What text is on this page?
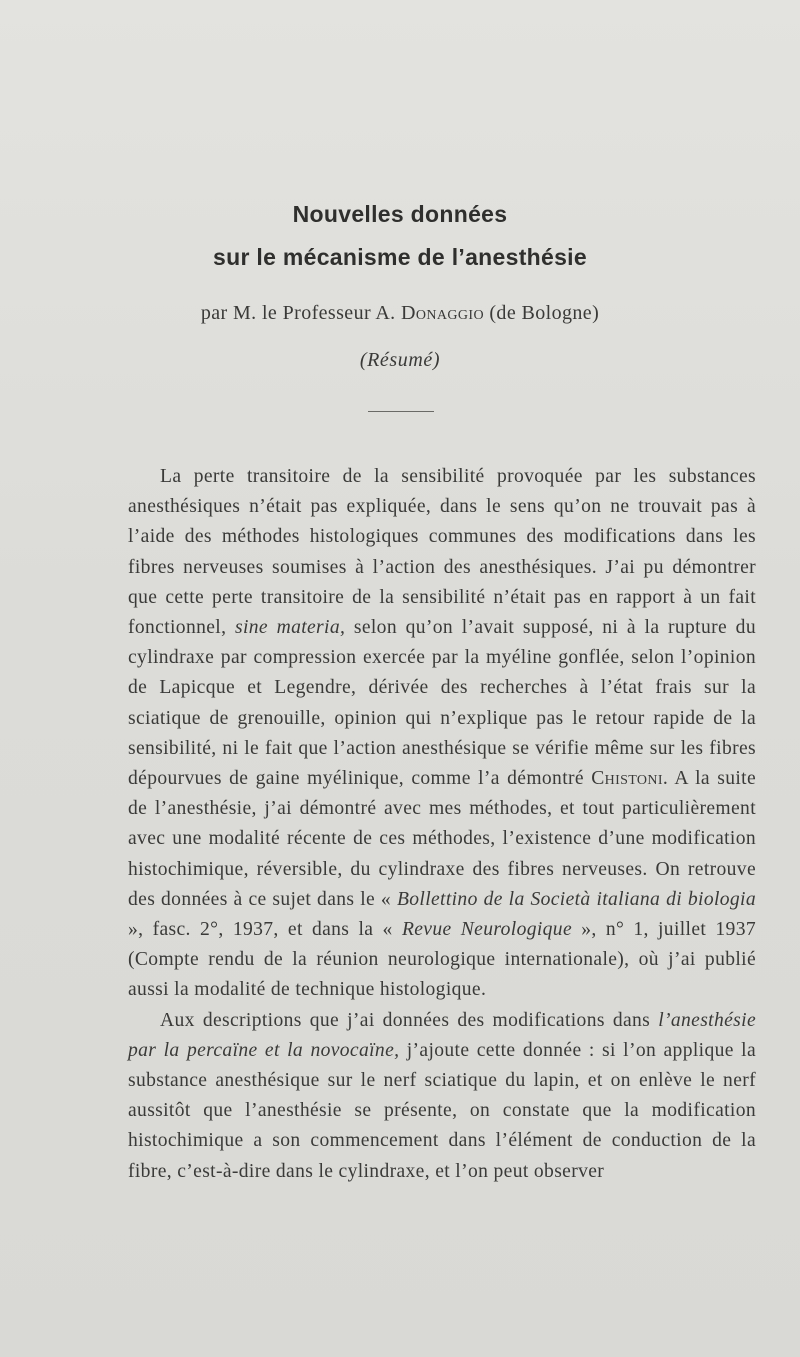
Nouvelles données
sur le mécanisme de l’anesthésie
par M. le Professeur A. Donaggio (de Bologne)
(Résumé)

La perte transitoire de la sensibilité provoquée par les substances anesthésiques n’était pas expliquée, dans le sens qu’on ne trouvait pas à l’aide des méthodes histologiques communes des modifications dans les fibres nerveuses soumises à l’action des anesthésiques. J’ai pu démontrer que cette perte transitoire de la sensibilité n’était pas en rapport à un fait fonctionnel, sine materia, selon qu’on l’avait supposé, ni à la rupture du cylindraxe par compression exercée par la myéline gonflée, selon l’opinion de Lapicque et Legendre, dérivée des recherches à l’état frais sur la sciatique de grenouille, opinion qui n’explique pas le retour rapide de la sensibilité, ni le fait que l’action anesthésique se vérifie même sur les fibres dépourvues de gaine myélinique, comme l’a démontré Chistoni. A la suite de l’anesthésie, j’ai démontré avec mes méthodes, et tout particulièrement avec une modalité récente de ces méthodes, l’existence d’une modification histochimique, réversible, du cylindraxe des fibres nerveuses. On retrouve des données à ce sujet dans le « Bollettino de la Società italiana di biologia », fasc. 2°, 1937, et dans la « Revue Neurologique », n° 1, juillet 1937 (Compte rendu de la réunion neurologique internationale), où j’ai publié aussi la modalité de technique histologique.

Aux descriptions que j’ai données des modifications dans l’anesthésie par la percaïne et la novocaïne, j’ajoute cette donnée : si l’on applique la substance anesthésique sur le nerf sciatique du lapin, et on enlève le nerf aussitôt que l’anesthésie se présente, on constate que la modification histochimique a son commencement dans l’élément de conduction de la fibre, c’est-à-dire dans le cylindraxe, et l’on peut observer
